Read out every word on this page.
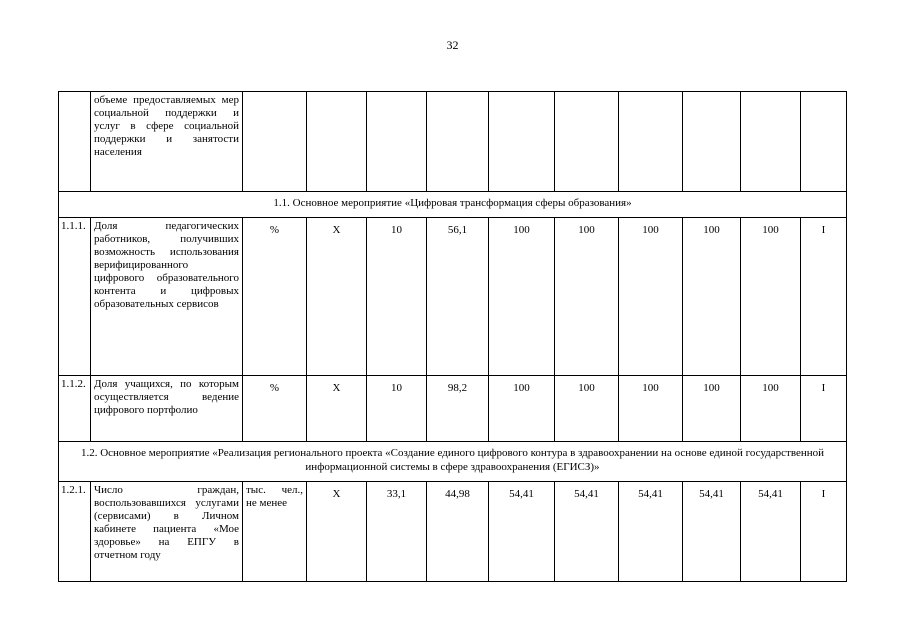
32
	объеме предоставляемых мер социальной поддержки и услуг в сфере социальной поддержки и занятости населения										
1.1. Основное мероприятие «Цифровая трансформация сферы образования»											
1.1.1.	Доля педагогических работников, получивших возможность использования верифицированного цифрового образовательного контента и цифровых образовательных сервисов	%	Х	10	56,1	100	100	100	100	100	I
1.1.2.	Доля учащихся, по которым осуществляется ведение цифрового портфолио	%	Х	10	98,2	100	100	100	100	100	I
1.2. Основное мероприятие «Реализация регионального проекта «Создание единого цифрового контура в здравоохранении на основе единой государственной информационной системы в сфере здравоохранения (ЕГИСЗ)»											
1.2.1.	Число граждан, воспользовавшихся услугами (сервисами) в Личном кабинете пациента «Мое здоровье» на ЕПГУ в отчетном году	тыс. чел., не менее	Х	33,1	44,98	54,41	54,41	54,41	54,41	54,41	I
